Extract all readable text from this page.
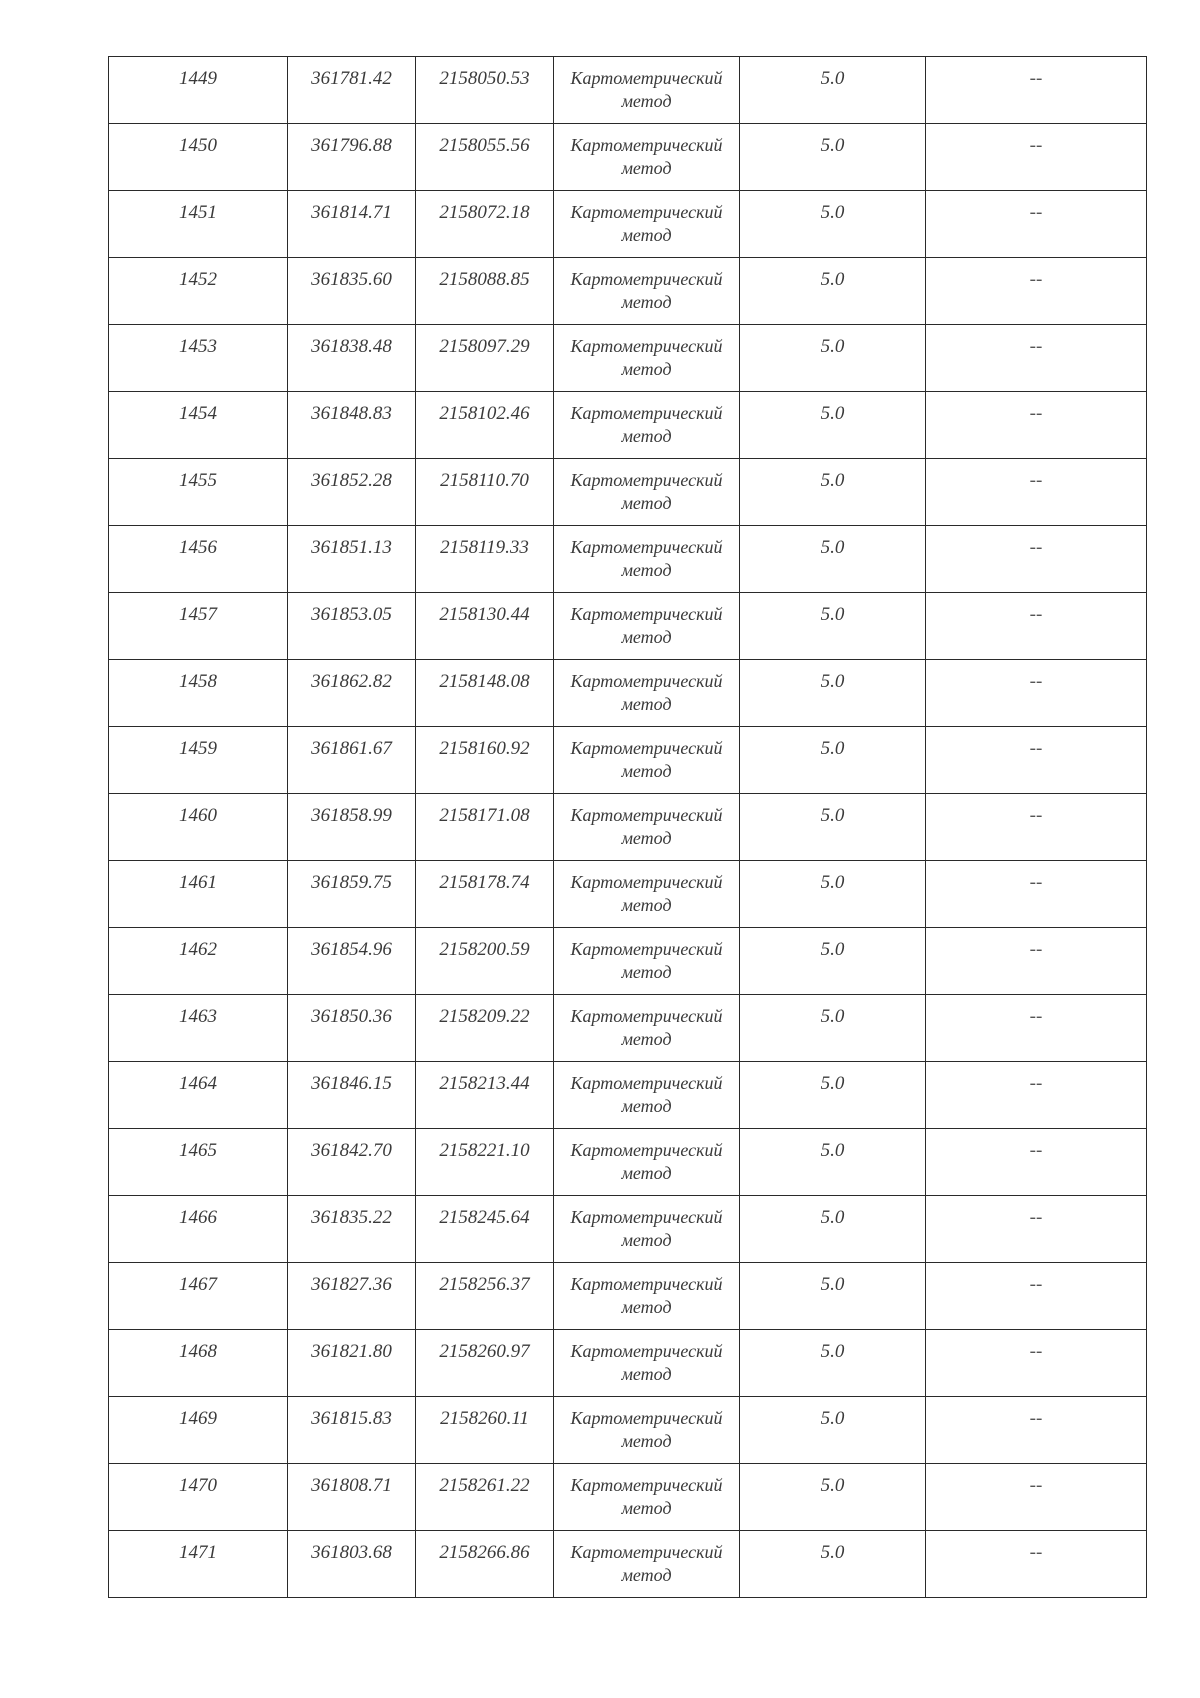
1449	361781.42	2158050.53	Картометрический метод	5.0	--
1450	361796.88	2158055.56	Картометрический метод	5.0	--
1451	361814.71	2158072.18	Картометрический метод	5.0	--
1452	361835.60	2158088.85	Картометрический метод	5.0	--
1453	361838.48	2158097.29	Картометрический метод	5.0	--
1454	361848.83	2158102.46	Картометрический метод	5.0	--
1455	361852.28	2158110.70	Картометрический метод	5.0	--
1456	361851.13	2158119.33	Картометрический метод	5.0	--
1457	361853.05	2158130.44	Картометрический метод	5.0	--
1458	361862.82	2158148.08	Картометрический метод	5.0	--
1459	361861.67	2158160.92	Картометрический метод	5.0	--
1460	361858.99	2158171.08	Картометрический метод	5.0	--
1461	361859.75	2158178.74	Картометрический метод	5.0	--
1462	361854.96	2158200.59	Картометрический метод	5.0	--
1463	361850.36	2158209.22	Картометрический метод	5.0	--
1464	361846.15	2158213.44	Картометрический метод	5.0	--
1465	361842.70	2158221.10	Картометрический метод	5.0	--
1466	361835.22	2158245.64	Картометрический метод	5.0	--
1467	361827.36	2158256.37	Картометрический метод	5.0	--
1468	361821.80	2158260.97	Картометрический метод	5.0	--
1469	361815.83	2158260.11	Картометрический метод	5.0	--
1470	361808.71	2158261.22	Картометрический метод	5.0	--
1471	361803.68	2158266.86	Картометрический метод	5.0	--
